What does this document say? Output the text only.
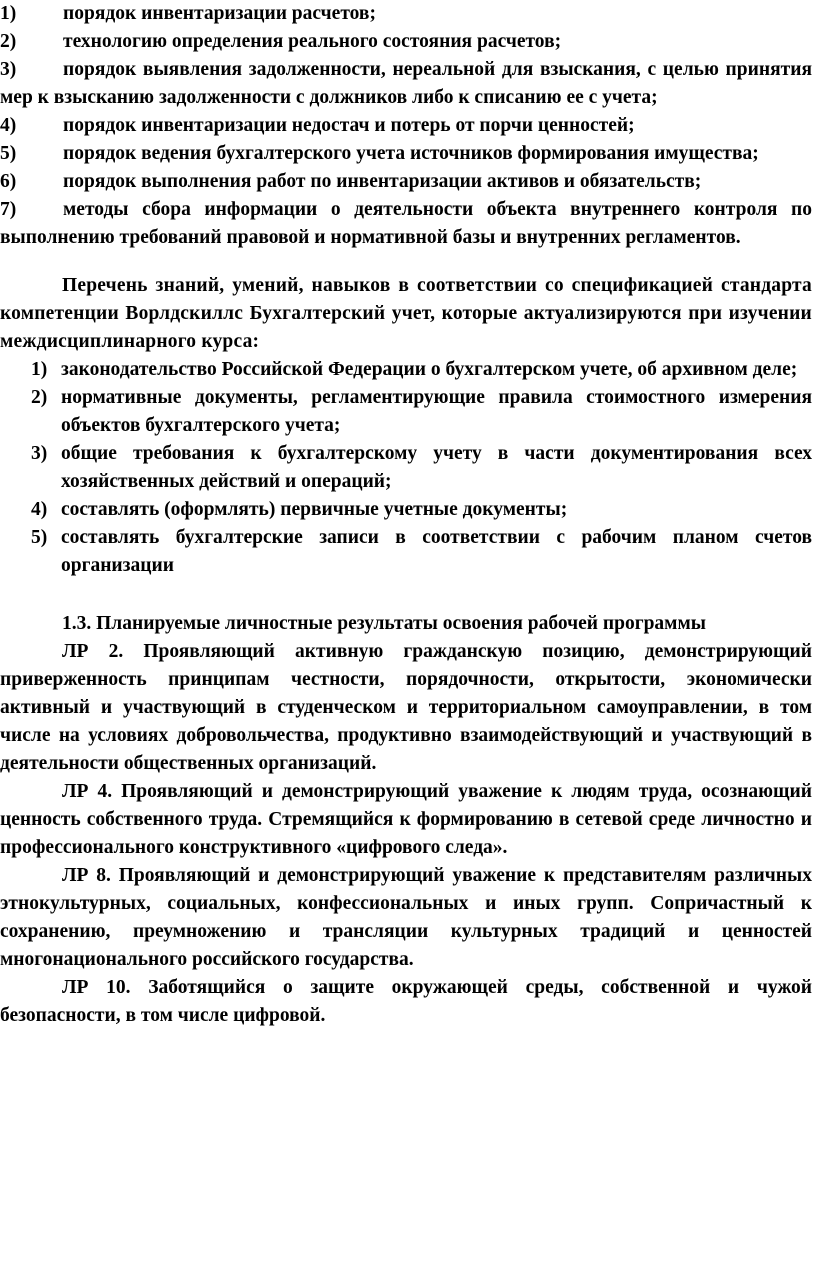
1) порядок инвентаризации расчетов;

2) технологию определения реального состояния расчетов;

3) порядок выявления задолженности, нереальной для взыскания, с целью принятия мер к взысканию задолженности с должников либо к списанию ее с учета;

4) порядок инвентаризации недостач и потерь от порчи ценностей;

5) порядок ведения бухгалтерского учета источников формирования имущества;

6) порядок выполнения работ по инвентаризации активов и обязательств;

7) методы сбора информации о деятельности объекта внутреннего контроля по выполнению требований правовой и нормативной базы и внутренних регламентов.

Перечень знаний, умений, навыков в соответствии со спецификацией стандарта компетенции Ворлдскиллс Бухгалтерский учет, которые актуализируются при изучении междисциплинарного курса:

1) законодательство Российской Федерации о бухгалтерском учете, об архивном деле;
2) нормативные документы, регламентирующие правила стоимостного измерения объектов бухгалтерского учета;
3) общие требования к бухгалтерскому учету в части документирования всех хозяйственных действий и операций;
4) составлять (оформлять) первичные учетные документы;
5) составлять бухгалтерские записи в соответствии с рабочим планом счетов организации

1.3. Планируемые личностные результаты освоения рабочей программы

ЛР 2. Проявляющий активную гражданскую позицию, демонстрирующий приверженность принципам честности, порядочности, открытости, экономически активный и участвующий в студенческом и территориальном самоуправлении, в том числе на условиях добровольчества, продуктивно взаимодействующий и участвующий в деятельности общественных организаций.

ЛР 4. Проявляющий и демонстрирующий уважение к людям труда, осознающий ценность собственного труда. Стремящийся к формированию в сетевой среде личностно и профессионального конструктивного «цифрового следа».

ЛР 8. Проявляющий и демонстрирующий уважение к представителям различных этнокультурных, социальных, конфессиональных и иных групп. Сопричастный к сохранению, преумножению и трансляции культурных традиций и ценностей многонационального российского государства.

ЛР 10. Заботящийся о защите окружающей среды, собственной и чужой безопасности, в том числе цифровой.
